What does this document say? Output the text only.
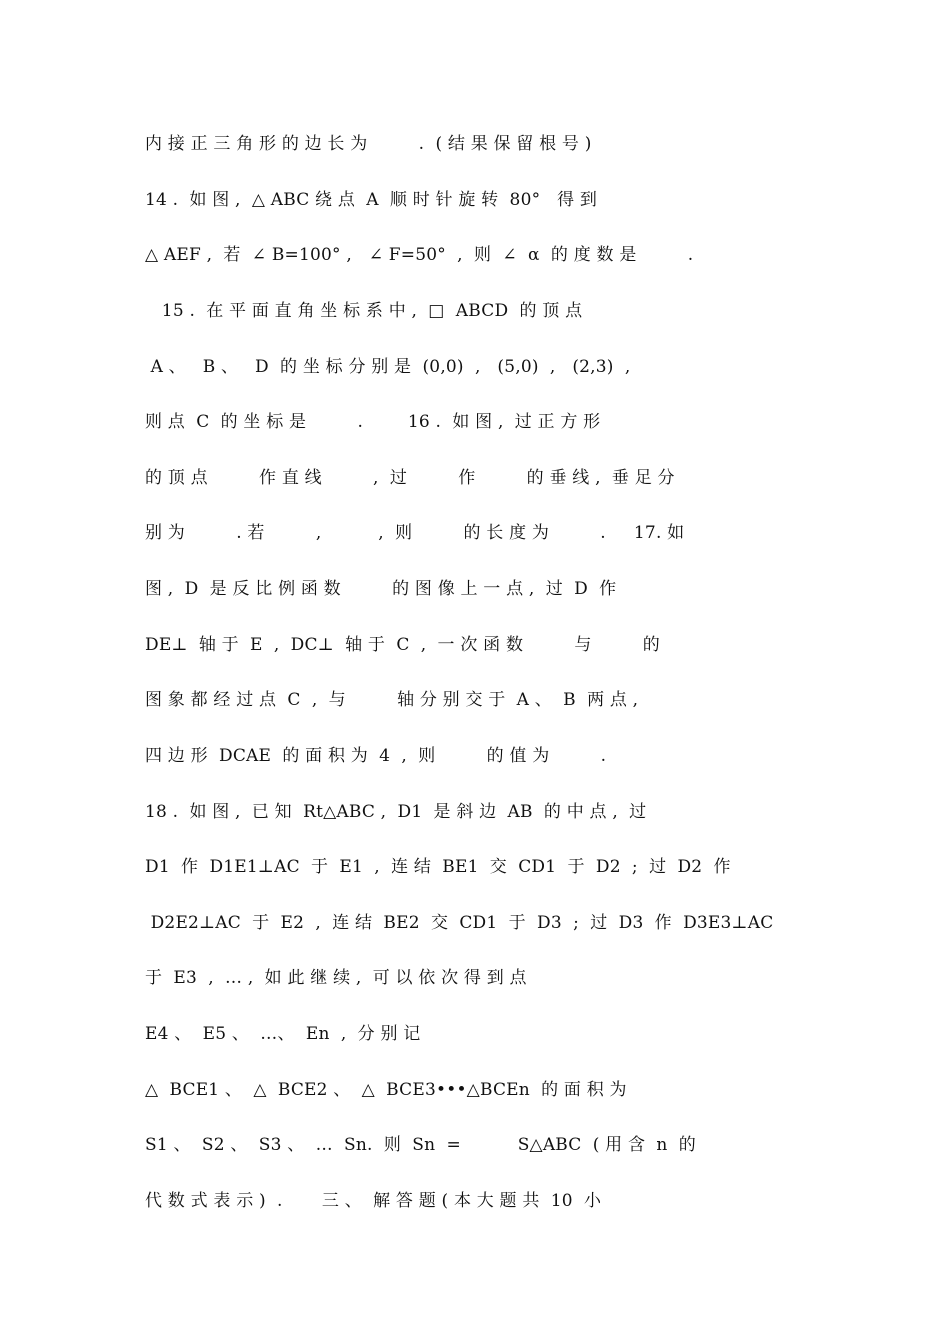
内 接 正 三 角 形 的 边 长 为 　 　 .  ( 结 果 保 留 根 号 )
14 .  如 图 ,  △ ABC 绕 点  A  顺 时 针 旋 转  80°   得 到
△ AEF ,  若  ∠ B=100° ,   ∠ F=50°  ,  则  ∠  α  的 度 数 是 　 　 .
15 .  在 平 面 直 角 坐 标 系 中 ,  □  ABCD  的 顶 点
A 、   B 、   D  的 坐 标 分 别 是  (0,0)  ,   (5,0)  ,   (2,3)  ,
则 点  C  的 坐 标 是 　 　 .        16 .  如 图 ,  过 正 方 形
的 顶 点 　 　 作 直 线 　 　 ,  过 　 　 作 　 　 的 垂 线 ,  垂 足 分
别 为 　 　 . 若 　 　 ,  　 　 ,  则 　 　 的 长 度 为 　 　 .     17. 如
图 ,  D  是 反 比 例 函 数 　 　 的 图 像 上 一 点 ,  过  D  作
DE⊥  轴 于  E  ,  DC⊥  轴 于  C  ,  一 次 函 数 　 　 与 　 　 的
图 象 都 经 过 点  C  ,  与 　 　 轴 分 别 交 于  A 、  B  两 点 ,
四 边 形  DCAE  的 面 积 为  4  ,  则 　 　 的 值 为 　 　 .
18 .  如 图 ,  已 知  Rt△ABC ,  D1  是 斜 边  AB  的 中 点 ,  过
D1  作  D1E1⊥AC  于  E1  ,  连 结  BE1  交  CD1  于  D2  ;  过  D2  作
D2E2⊥AC  于  E2  ,  连 结  BE2  交  CD1  于  D3  ;  过  D3  作  D3E3⊥AC
于  E3  ,  … ,  如 此 继 续 ,  可 以 依 次 得 到 点
E4 、  E5 、  …、  En  ,  分 别 记
△  BCE1 、  △  BCE2 、  △  BCE3•••△BCEn  的 面 积 为
S1 、  S2 、  S3 、  …  Sn.  则  Sn  =  　 　 S△ABC  ( 用 含  n  的
代 数 式 表 示 )  .       三 、  解 答 题 ( 本 大 题 共  10  小
